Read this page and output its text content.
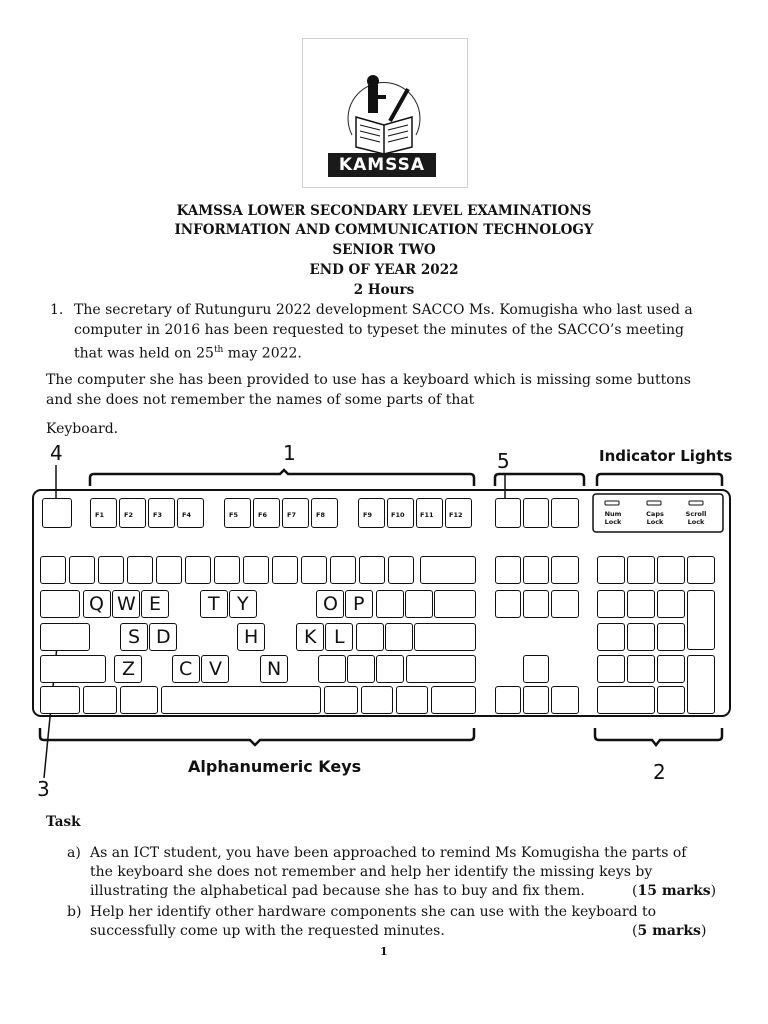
KAMSSA
KAMSSA LOWER SECONDARY LEVEL EXAMINATIONS
INFORMATION AND COMMUNICATION TECHNOLOGY
SENIOR TWO
END OF YEAR 2022
2 Hours
1. The secretary of Rutunguru 2022 development SACCO Ms. Komugisha who last used a
computer in 2016 has been requested to typeset the minutes of the SACCO’s meeting
that was held on 25th may 2022.
The computer she has been provided to use has a keyboard which is missing some buttons
and she does not remember the names of some parts of that
Keyboard.
4	1	5	Indicator Lights
2
3
Alphanumeric Keys
Num Lock
Caps Lock
Scroll Lock
F1	F2	F3	F4	F5	F6	F7	F8	F9	F10 F11 F12
Q W E T Y	O P
S D	H K L
Z C V N
Task
a) As an ICT student, you have been approached to remind Ms Komugisha the parts of
the keyboard she does not remember and help her identify the missing keys by
illustrating the alphabetical pad because she has to buy and fix them.	(15 marks)
b) Help her identify other hardware components she can use with the keyboard to
successfully come up with the requested minutes.	(5 marks)
1
